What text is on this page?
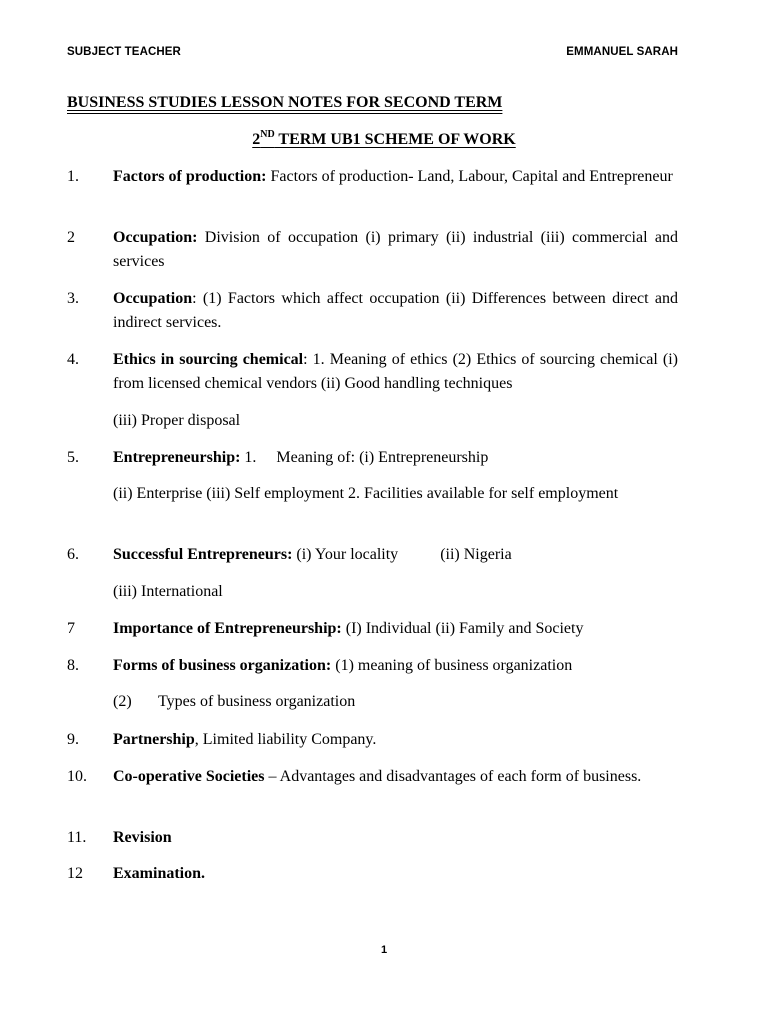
SUBJECT TEACHER	EMMANUEL SARAH
BUSINESS STUDIES LESSON NOTES FOR SECOND TERM
2ND TERM UB1 SCHEME OF WORK
1.	Factors of production: Factors of production- Land, Labour, Capital and Entrepreneur
2	Occupation: Division of occupation (i) primary (ii) industrial (iii) commercial and services
3.	Occupation: (1) Factors which affect occupation (ii) Differences between direct and indirect services.
4.	Ethics in sourcing chemical: 1. Meaning of ethics (2) Ethics of sourcing chemical (i) from licensed chemical vendors (ii) Good handling techniques
(iii) Proper disposal
5.	Entrepreneurship: 1.     Meaning of: (i) Entrepreneurship
(ii) Enterprise (iii) Self employment 2. Facilities available for self employment
6.	Successful Entrepreneurs: (i) Your locality	(ii) Nigeria
(iii) International
7	Importance of Entrepreneurship: (I) Individual (ii) Family and Society
8.	Forms of business organization: (1) meaning of business organization
(2) Types of business organization
9.	Partnership, Limited liability Company.
10.	Co-operative Societies – Advantages and disadvantages of each form of business.
11.	Revision
12	Examination.
1
